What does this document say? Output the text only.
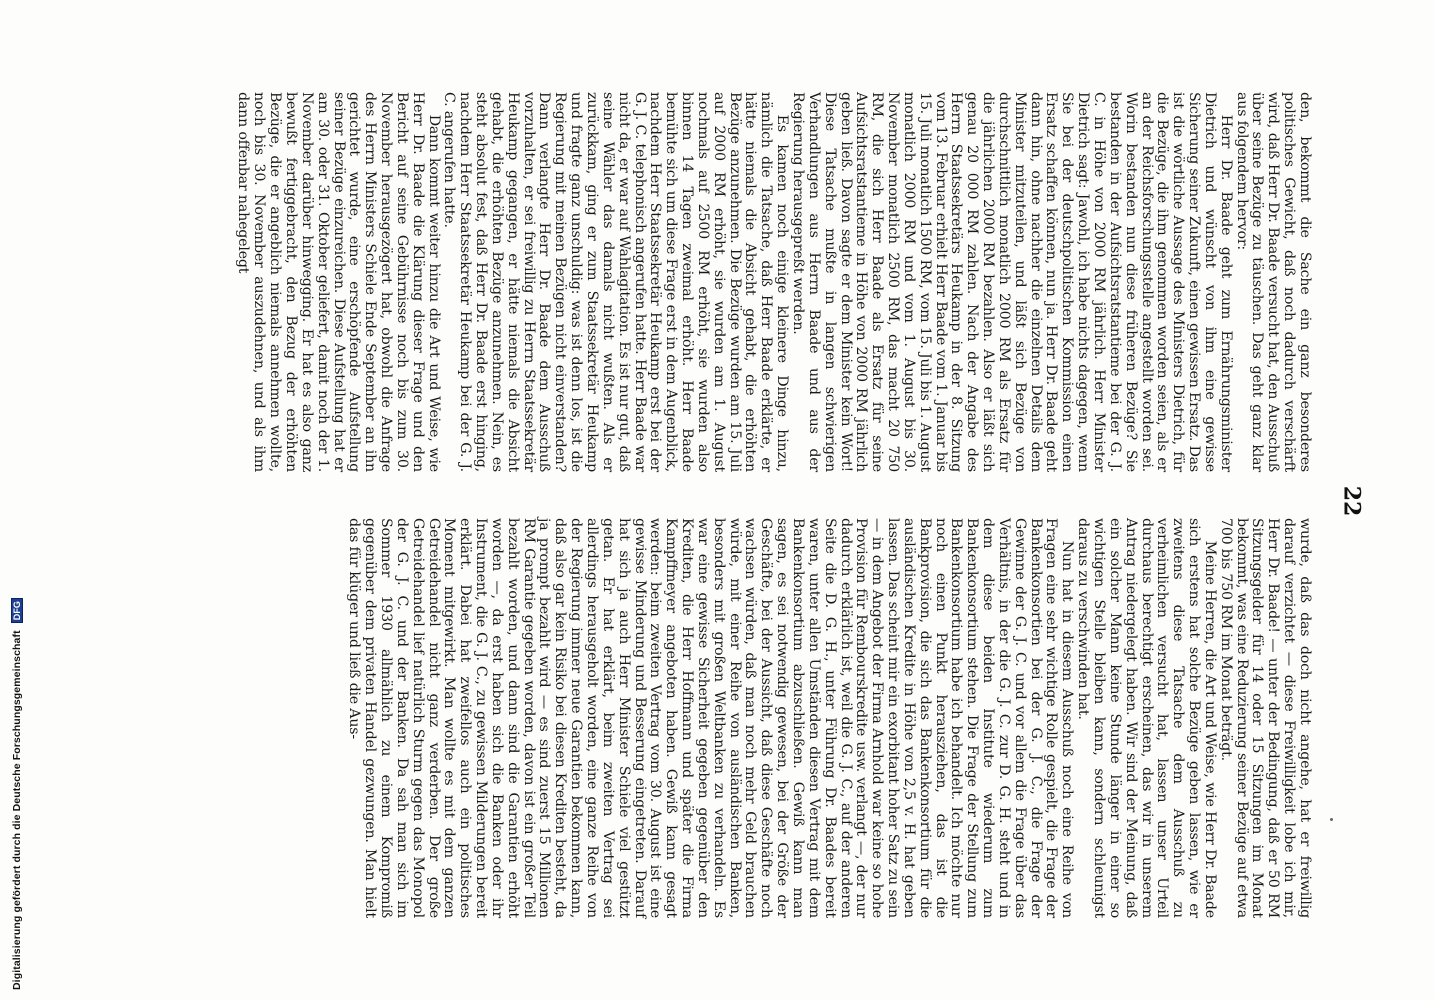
Digitalisierung gefördert durch die Deutsche Forschungsgemeinschaft DFG
22

den, bekommt die Sache ein ganz besonderes politisches Gewicht, daß noch dadurch verschärft wird, daß Herr Dr. Baade versucht hat, den Ausschuß über seine Bezüge zu täuschen. Das geht ganz klar aus folgendem hervor:

Herr Dr. Baade geht zum Ernährungsminister Dietrich und wünscht von ihm eine gewisse Sicherung seiner Zukunft, einen gewissen Ersatz. Das ist die wörtliche Aussage des Ministers Dietrich, für die Bezüge, die ihm genommen worden seien, als er an der Reichsforschungsstelle angestellt worden sei. Worin bestanden nun diese früheren Bezüge? Sie bestanden in der Aufsichtsratstantieme bei der G. J. C. in Höhe von 2000 RM jährlich. Herr Minister Dietrich sagt: Jawohl, ich habe nichts dagegen, wenn Sie bei der deutschpolitischen Kommission einen Ersatz schaffen können, nun ja. Herr Dr. Baade geht dann hin, ohne nachher die einzelnen Details dem Minister mitzuteilen, und läßt sich Bezüge von durchschnittlich monatlich 2000 RM als Ersatz für die jährlichen 2000 RM bezahlen. Also er läßt sich genau 20 000 RM zahlen. Nach der Angabe des Herrn Staatssekretärs Heukamp in der 8. Sitzung vom 13. Februar erhielt Herr Baade vom 1. Januar bis 15. Juli monatlich 1500 RM, vom 15. Juli bis 1. August monatlich 2000 RM und vom 1. August bis 30. November monatlich 2500 RM, das macht 20 750 RM, die sich Herr Baade als Ersatz für seine Aufsichtsratstantieme in Höhe von 2000 RM jährlich geben ließ. Davon sagte er dem Minister kein Wort! Diese Tatsache mußte in langen schwierigen Verhandlungen aus Herrn Baade und aus der Regierung herausgepreßt werden.

Es kamen noch einige kleinere Dinge hinzu, nämlich die Tatsache, daß Herr Baade erklärte, er hätte niemals die Absicht gehabt, die erhöhten Bezüge anzunehmen. Die Bezüge wurden am 15. Juli auf 2000 RM erhöht, sie wurden am 1. August nochmals auf 2500 RM erhöht, sie wurden also binnen 14 Tagen zweimal erhöht. Herr Baade bemühte sich um diese Frage erst in dem Augenblick, nachdem Herr Staatssekretär Heukamp erst bei der G. J. C. telephonisch angerufen hatte. Herr Baade war nicht da, er war auf Wahlagitation. Es ist nur gut, daß seine Wähler das damals nicht wußten. Als er zurückkam, ging er zum Staatssekretär Heukamp und fragte ganz unschuldig: was ist denn los, ist die Regierung mit meinen Bezügen nicht einverstanden? Dann verlangte Herr Dr. Baade dem Ausschuß vorzuhalten, er sei freiwillig zu Herrn Staatssekretär Heukamp gegangen, er hätte niemals die Absicht gehabt, die erhöhten Bezüge anzunehmen. Nein, es steht absolut fest, daß Herr Dr. Baade erst hinging, nachdem Herr Staatssekretär Heukamp bei der G. J. C. angerufen hatte.

Dann kommt weiter hinzu die Art und Weise, wie Herr Dr. Baade die Klärung dieser Frage und den Bericht auf seine Gebührnisse noch bis zum 30. November herausgezögert hat, obwohl die Anfrage des Herrn Ministers Schiele Ende September an ihn gerichtet wurde, eine erschöpfende Aufstellung seiner Bezüge einzureichen. Diese Aufstellung hat er am 30. oder 31. Oktober geliefert, damit noch der 1. November darüber hinwegging. Er hat es also ganz bewußt fertiggebracht, den Bezug der erhöhten Bezüge, die er angeblich niemals annehmen wollte, noch bis 30. November auszudehnen, und als ihm dann offenbar nahegelegt

wurde, daß das doch nicht angehe, hat er freiwillig darauf verzichtet — diese Freiwilligkeit lobe ich mir, Herr Dr. Baade! — unter der Bedingung, daß er 50 RM Sitzungsgelder für 14 oder 15 Sitzungen im Monat bekommt, was eine Reduzierung seiner Bezüge auf etwa 700 bis 750 RM im Monat beträgt.

Meine Herren, die Art und Weise, wie Herr Dr. Baade sich erstens hat solche Bezüge geben lassen, wie er zweitens diese Tatsache dem Ausschuß zu verheimlichen versucht hat, lassen unser Urteil durchaus berechtigt erscheinen, das wir in unserem Antrag niedergelegt haben. Wir sind der Meinung, daß ein solcher Mann keine Stunde länger in einer so wichtigen Stelle bleiben kann, sondern schleunigst daraus zu verschwinden hat.

Nun hat in diesem Ausschuß noch eine Reihe von Fragen eine sehr wichtige Rolle gespielt, die Frage der Bankenkonsortien bei der G. J. C., die Frage der Gewinne der G. J. C. und vor allem die Frage über das Verhältnis, in der die G. J. C. zur D. G. H. steht und in dem diese beiden Institute wiederum zum Bankenkonsortium stehen. Die Frage der Stellung zum Bankenkonsortium habe ich behandelt. Ich möchte nur noch einen Punkt herausziehen, das ist die Bankprovision, die sich das Bankenkonsortium für die ausländischen Kredite in Höhe von 2,5 v. H. hat geben lassen. Das scheint mir ein exorbitant hoher Satz zu sein — in dem Angebot der Firma Arnhold war keine so hohe Provision für Rembourskredite usw. verlangt —, der nur dadurch erklärlich ist, weil die G. J. C., auf der anderen Seite die D. G. H., unter Führung Dr. Baades bereit waren, unter allen Umständen diesen Vertrag mit dem Bankenkonsortium abzuschließen. Gewiß kann man sagen, es sei notwendig gewesen, bei der Größe der Geschäfte, bei der Aussicht, daß diese Geschäfte noch wachsen würden, daß man noch mehr Geld brauchen würde, mit einer Reihe von ausländischen Banken, besonders mit großen Weltbanken zu verhandeln. Es war eine gewisse Sicherheit gegeben gegenüber den Krediten, die Herr Hoffmann und später die Firma Kampffmeyer angeboten haben. Gewiß kann gesagt werden: beim zweiten Vertrag vom 30. August ist eine gewisse Minderung und Besserung eingetreten. Darauf hat sich ja auch Herr Minister Schiele viel gestützt getan. Er hat erklärt, beim zweiten Vertrag sei allerdings herausgeholt worden, eine ganze Reihe von der Regierung immer neue Garantien bekommen kann, daß also gar kein Risiko bei diesen Krediten besteht, da ja prompt bezahlt wird — es sind zuerst 15 Millionen RM Garantie gegeben worden, davon ist ein großer Teil bezahlt worden, und dann sind die Garantien erhöht worden —, da erst haben sich die Banken oder ihr Instrument, die G. J. C., zu gewissen Milderungen bereit erklärt. Dabei hat zweifellos auch ein politisches Moment mitgewirkt. Man wollte es mit dem ganzen Getreidehandel nicht ganz verderben. Der große Getreidehandel lief natürlich Sturm gegen das Monopol der G. J. C. und der Banken. Da sah man sich im Sommer 1930 allmählich zu einem Kompromiß gegenüber dem privaten Handel gezwungen. Man hielt das für klüger und ließ die Aus-
